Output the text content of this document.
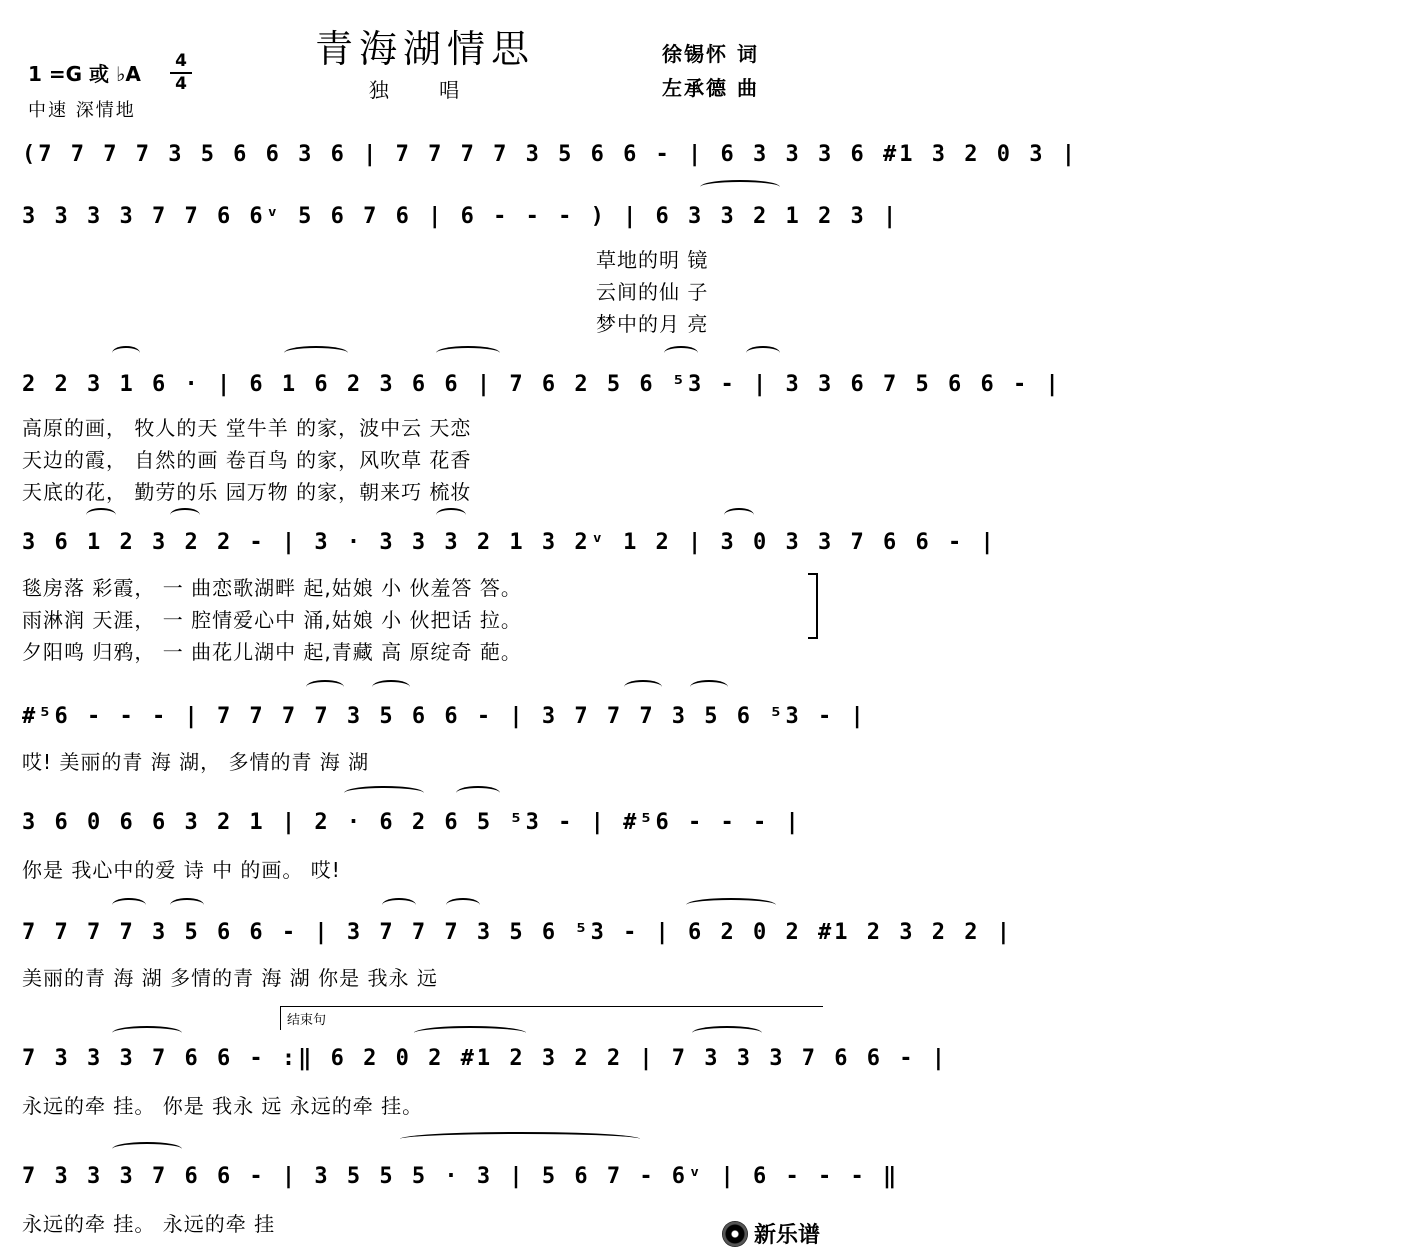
青海湖情思
独 唱
1 =G 或 ♭A
4
4
中速 深情地
徐锡怀 词
左承德 曲
(7 7 7 7 3 5 6 6 3 6 | 7 7 7 7 3 5 6 6 - | 6 3 3 3 6 #1 3 2 0 3 |
3 3 3 3 7 7 6 6ᵛ 5 6 7 6 | 6 - - - ) | 6 3 3 2 1 2 3 |
草地的明 镜
云间的仙 子
梦中的月 亮
2 2 3 1 6 · | 6 1 6 2 3 6 6 | 7 6 2 5 6 ⁵3 - | 3 3 6 7 5 6 6 - |
高原的画， 牧人的天 堂牛羊 的家，波中云 天恋
天边的霞， 自然的画 卷百鸟 的家，风吹草 花香
天底的花， 勤劳的乐 园万物 的家，朝来巧 梳妆
3 6 1 2 3 2 2 - | 3 · 3 3 3 2 1 3 2ᵛ 1 2 | 3 0 3 3 7 6 6 - |
毯房落 彩霞， 一 曲恋歌湖畔 起,姑娘 小 伙羞答 答。
雨淋润 天涯， 一 腔情爱心中 涌,姑娘 小 伙把话 拉。
夕阳鸣 归鸦， 一 曲花儿湖中 起,青藏 高 原绽奇 葩。
#⁵6 - - - | 7 7 7 7 3 5 6 6 - | 3 7 7 7 3 5 6 ⁵3 - |
哎! 美丽的青 海 湖， 多情的青 海 湖
3 6 0 6 6 3 2 1 | 2 · 6 2 6 5 ⁵3 - | #⁵6 - - - |
你是 我心中的爱 诗 中 的画。 哎!
7 7 7 7 3 5 6 6 - | 3 7 7 7 3 5 6 ⁵3 - | 6 2 0 2 #1 2 3 2 2 |
美丽的青 海 湖 多情的青 海 湖 你是 我永 远
结束句
7 3 3 3 7 6 6 - :‖ 6 2 0 2 #1 2 3 2 2 | 7 3 3 3 7 6 6 - |
永远的牵 挂。 你是 我永 远 永远的牵 挂。
7 3 3 3 7 6 6 - | 3 5 5 5 · 3 | 5 6 7 - 6ᵛ | 6 - - - ‖
永远的牵 挂。 永远的牵 挂	新乐谱
